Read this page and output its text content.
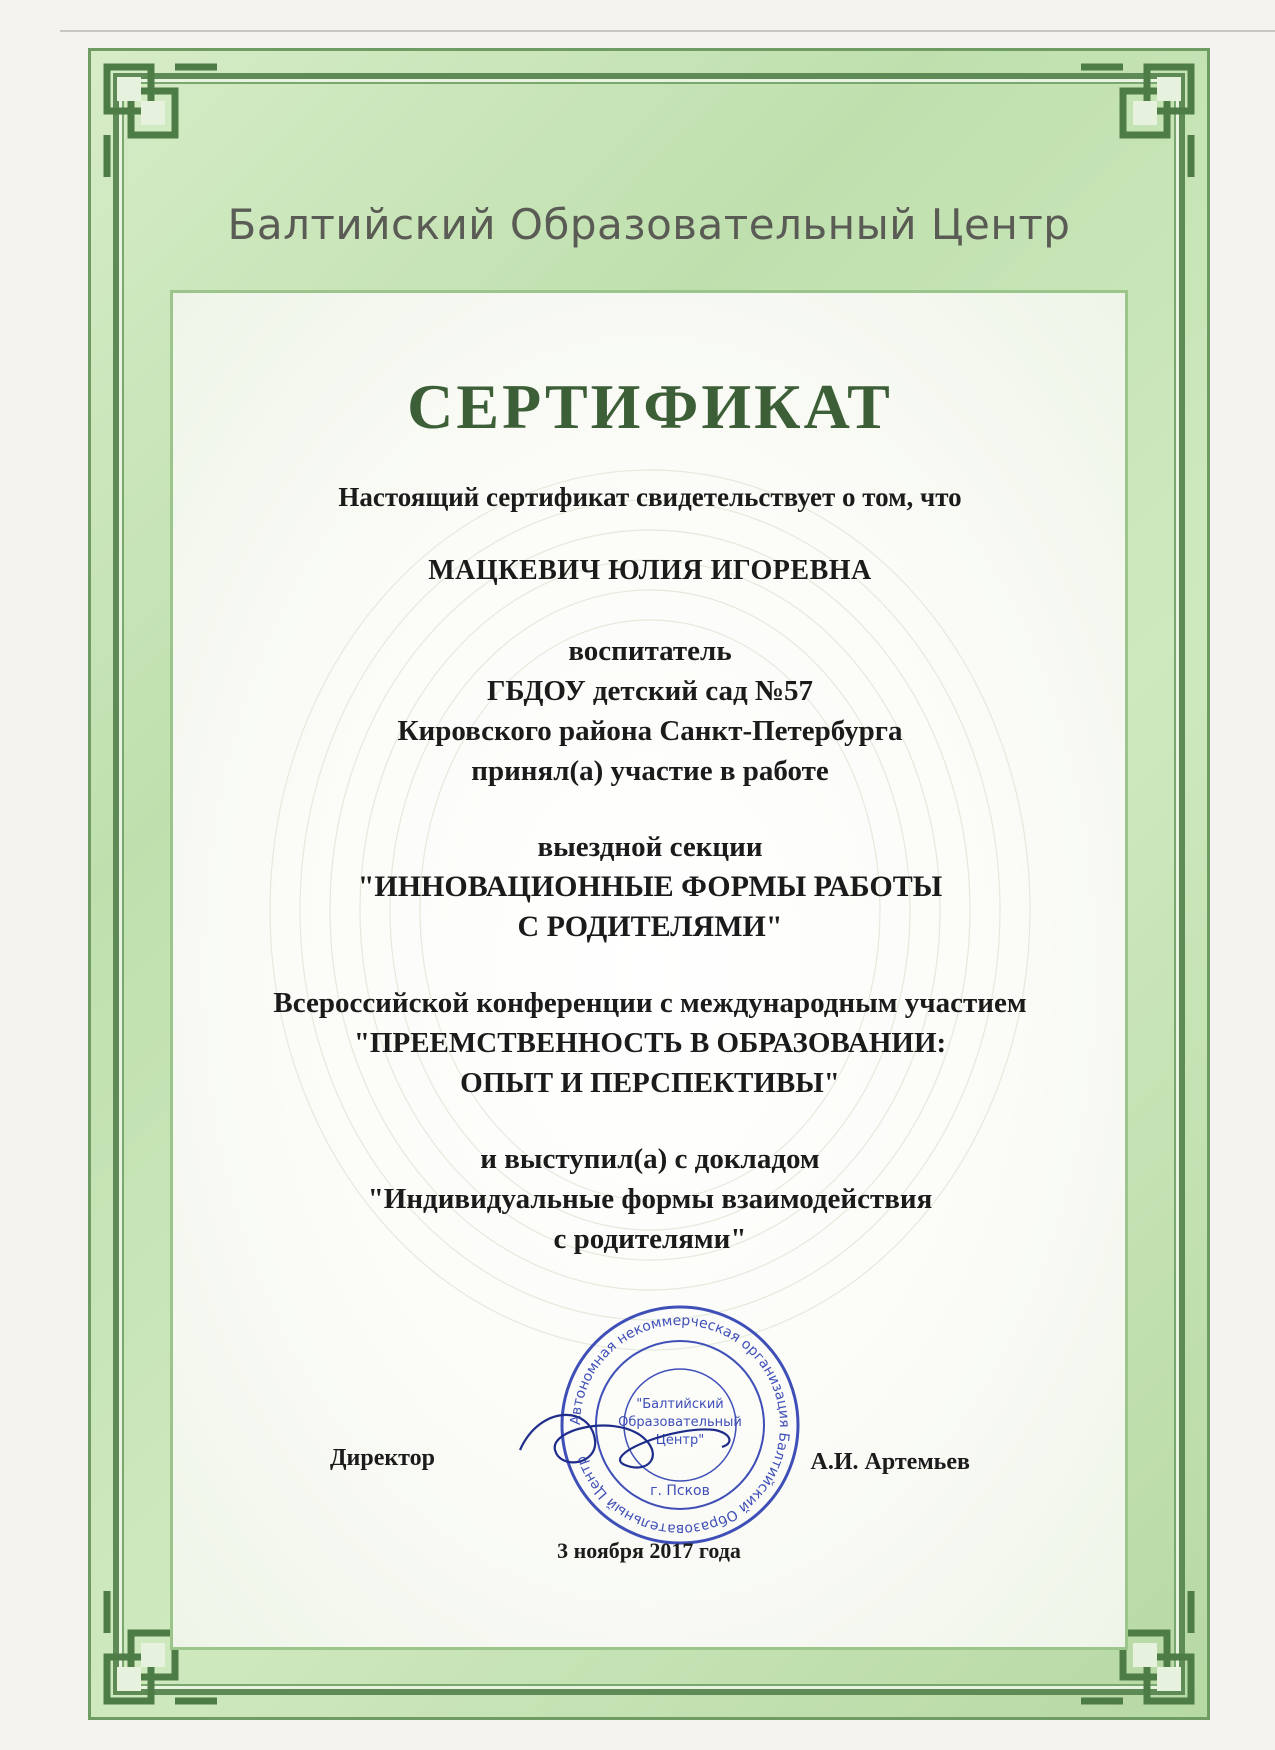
Балтийский Образовательный Центр
СЕРТИФИКАТ
Настоящий сертификат свидетельствует о том, что
МАЦКЕВИЧ ЮЛИЯ ИГОРЕВНА
воспитатель
ГБДОУ детский сад №57
Кировского района Санкт-Петербурга
принял(а) участие в работе
выездной секции
"ИННОВАЦИОННЫЕ ФОРМЫ РАБОТЫ
С РОДИТЕЛЯМИ"
Всероссийской конференции с международным участием
"ПРЕЕМСТВЕННОСТЬ В ОБРАЗОВАНИИ:
ОПЫТ И ПЕРСПЕКТИВЫ"
и выступил(а) с докладом
"Индивидуальные формы взаимодействия
с родителями"
Автономная некоммерческая организация Балтийский Образовательный Центр
"Балтийский
Образовательный
Центр"
г. Псков
Директор	А.И. Артемьев
3 ноября 2017 года
